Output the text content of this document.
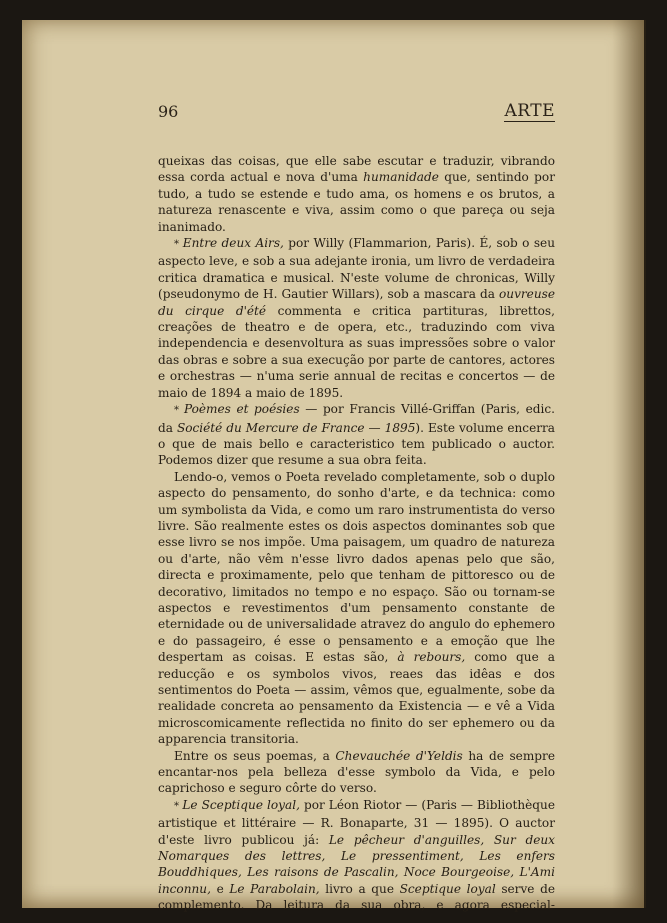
96	ARTE

queixas das coisas, que elle sabe escutar e traduzir, vibrando essa corda actual e nova d'uma humanidade que, sentindo por tudo, a tudo se estende e tudo ama, os homens e os brutos, a natureza renascente e viva, assim como o que pareça ou seja inanimado.

* Entre deux Airs, por Willy (Flammarion, Paris). É, sob o seu aspecto leve, e sob a sua adejante ironia, um livro de verdadeira critica dramatica e musical. N'este volume de chronicas, Willy (pseudonymo de H. Gautier Willars), sob a mascara da ouvreuse du cirque d'été commenta e critica partituras, librettos, creações de theatro e de opera, etc., traduzindo com viva independencia e desenvoltura as suas impressões sobre o valor das obras e sobre a sua execução por parte de cantores, actores e orchestras — n'uma serie annual de recitas e concertos — de maio de 1894 a maio de 1895.

* Poèmes et poésies — por Francis Villé-Griffan (Paris, edic. da Société du Mercure de France — 1895). Este volume encerra o que de mais bello e caracteristico tem publicado o auctor. Podemos dizer que resume a sua obra feita.

Lendo-o, vemos o Poeta revelado completamente, sob o duplo aspecto do pensamento, do sonho d'arte, e da technica: como um symbolista da Vida, e como um raro instrumentista do verso livre. São realmente estes os dois aspectos dominantes sob que esse livro se nos impõe. Uma paisagem, um quadro de natureza ou d'arte, não vêm n'esse livro dados apenas pelo que são, directa e proximamente, pelo que tenham de pittoresco ou de decorativo, limitados no tempo e no espaço. São ou tornam-se aspectos e revestimentos d'um pensamento constante de eternidade ou de universalidade atravez do angulo do ephemero e do passageiro, é esse o pensamento e a emoção que lhe despertam as coisas. E estas são, à rebours, como que a reducção e os symbolos vivos, reaes das idêas e dos sentimentos do Poeta — assim, vêmos que, egualmente, sobe da realidade concreta ao pensamento da Existencia — e vê a Vida microscomicamente reflectida no finito do ser ephemero ou da apparencia transitoria.

Entre os seus poemas, a Chevauchée d'Yeldis ha de sempre encantar-nos pela belleza d'esse symbolo da Vida, e pelo caprichoso e seguro côrte do verso.

* Le Sceptique loyal, por Léon Riotor — (Paris — Bibliothèque artistique et littéraire — R. Bonaparte, 31 — 1895). O auctor d'este livro publicou já: Le pêcheur d'anguilles, Sur deux Nomarques des lettres, Le pressentiment, Les enfers Bouddhiques, Les raisons de Pascalin, Noce Bourgeoise, L'Ami inconnu, e Le Parabolain, livro a que Sceptique loyal serve de complemento. Da leitura da sua obra, e agora especial-
